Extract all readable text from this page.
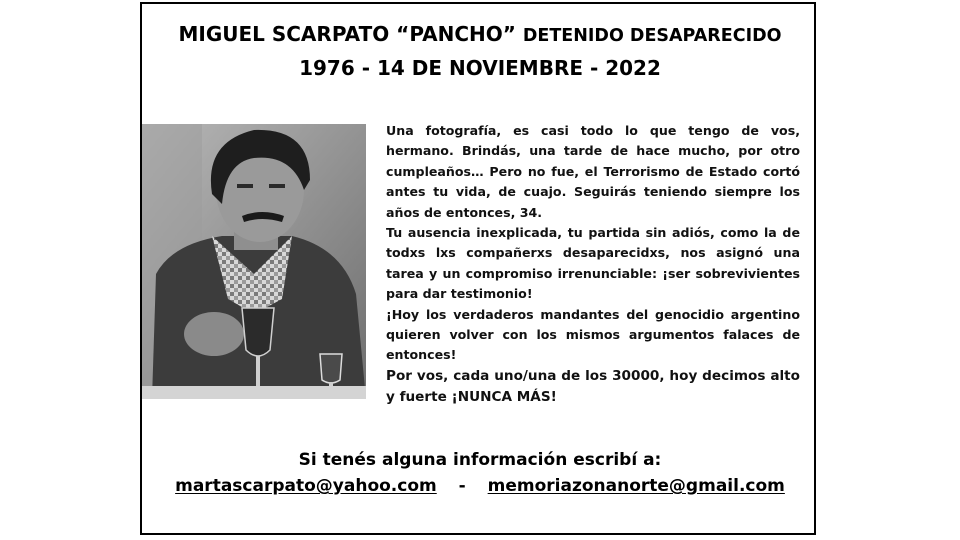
MIGUEL SCARPATO “PANCHO” DETENIDO DESAPARECIDO
1976 - 14 DE NOVIEMBRE - 2022

Una fotografía, es casi todo lo que tengo de vos, hermano. Brindás, una tarde de hace mucho, por otro cumpleaños… Pero no fue, el Terrorismo de Estado cortó antes tu vida, de cuajo. Seguirás teniendo siempre los años de entonces, 34.

Tu ausencia inexplicada, tu partida sin adiós, como la de todxs lxs compañerxs desaparecidxs, nos asignó una tarea y un compromiso irrenunciable: ¡ser sobrevivientes para dar testimonio!

¡Hoy los verdaderos mandantes del genocidio argentino quieren volver con los mismos argumentos falaces de entonces!

Por vos, cada uno/una de los 30000, hoy decimos alto y fuerte ¡NUNCA MÁS!

Si tenés alguna información escribí a:
martascarpato@yahoo.com - memoriazonanorte@gmail.com
